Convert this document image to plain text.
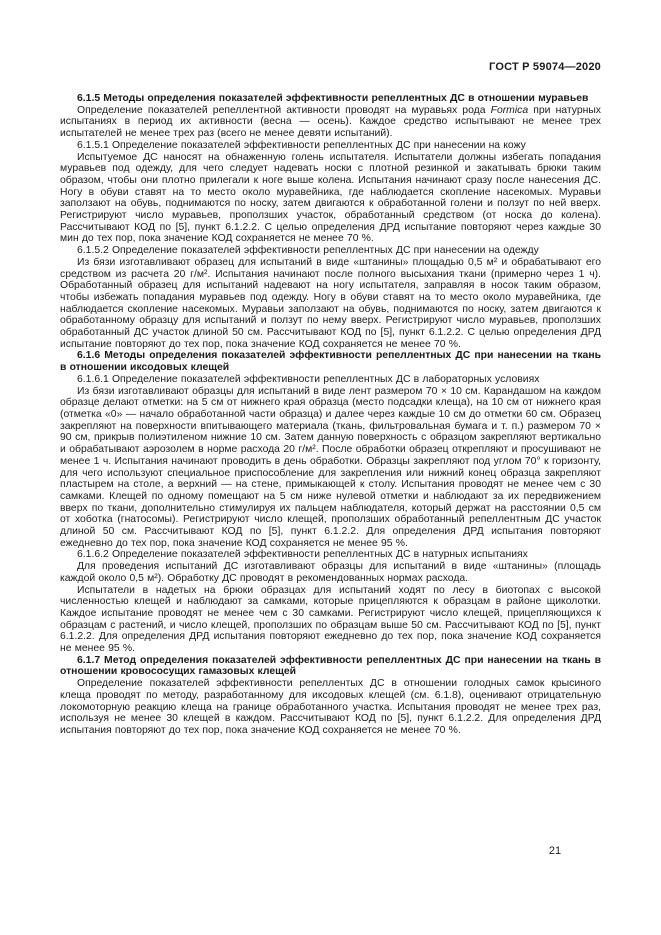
ГОСТ Р 59074—2020

6.1.5 Методы определения показателей эффективности репеллентных ДС в отношении муравьев

Определение показателей репеллентной активности проводят на муравьях рода Formica при натурных испытаниях в период их активности (весна — осень). Каждое средство испытывают не менее трех испытателей не менее трех раз (всего не менее девяти испытаний).

6.1.5.1 Определение показателей эффективности репеллентных ДС при нанесении на кожу

Испытуемое ДС наносят на обнаженную голень испытателя. Испытатели должны избегать попадания муравьев под одежду, для чего следует надевать носки с плотной резинкой и закатывать брюки таким образом, чтобы они плотно прилегали к ноге выше колена. Испытания начинают сразу после нанесения ДС. Ногу в обуви ставят на то место около муравейника, где наблюдается скопление насекомых. Муравьи заползают на обувь, поднимаются по носку, затем двигаются к обработанной голени и ползут по ней вверх. Регистрируют число муравьев, проползших участок, обработанный средством (от носка до колена). Рассчитывают КОД по [5], пункт 6.1.2.2. С целью определения ДРД испытание повторяют через каждые 30 мин до тех пор, пока значение КОД сохраняется не менее 70 %.

6.1.5.2 Определение показателей эффективности репеллентных ДС при нанесении на одежду

Из бязи изготавливают образец для испытаний в виде «штанины» площадью 0,5 м² и обрабатывают его средством из расчета 20 г/м². Испытания начинают после полного высыхания ткани (примерно через 1 ч). Обработанный образец для испытаний надевают на ногу испытателя, заправляя в носок таким образом, чтобы избежать попадания муравьев под одежду. Ногу в обуви ставят на то место около муравейника, где наблюдается скопление насекомых. Муравьи заползают на обувь, поднимаются по носку, затем двигаются к обработанному образцу для испытаний и ползут по нему вверх. Регистрируют число муравьев, проползших обработанный ДС участок длиной 50 см. Рассчитывают КОД по [5], пункт 6.1.2.2. С целью определения ДРД испытание повторяют до тех пор, пока значение КОД сохраняется не менее 70 %.

6.1.6 Методы определения показателей эффективности репеллентных ДС при нанесении на ткань в отношении иксодовых клещей

6.1.6.1 Определение показателей эффективности репеллентных ДС в лабораторных условиях

Из бязи изготавливают образцы для испытаний в виде лент размером 70 × 10 см. Карандашом на каждом образце делают отметки: на 5 см от нижнего края образца (место подсадки клеща), на 10 см от нижнего края (отметка «0» — начало обработанной части образца) и далее через каждые 10 см до отметки 60 см. Образец закрепляют на поверхности впитывающего материала (ткань, фильтровальная бумага и т. п.) размером 70 × 90 см, прикрыв полиэтиленом нижние 10 см. Затем данную поверхность с образцом закрепляют вертикально и обрабатывают аэрозолем в норме расхода 20 г/м². После обработки образец открепляют и просушивают не менее 1 ч. Испытания начинают проводить в день обработки. Образцы закрепляют под углом 70° к горизонту, для чего используют специальное приспособление для закрепления или нижний конец образца закрепляют пластырем на столе, а верхний — на стене, примыкающей к столу. Испытания проводят не менее чем с 30 самками. Клещей по одному помещают на 5 см ниже нулевой отметки и наблюдают за их передвижением вверх по ткани, дополнительно стимулируя их пальцем наблюдателя, который держат на расстоянии 0,5 см от хоботка (гнатосомы). Регистрируют число клещей, проползших обработанный репеллентным ДС участок длиной 50 см. Рассчитывают КОД по [5], пункт 6.1.2.2. Для определения ДРД испытания повторяют ежедневно до тех пор, пока значение КОД сохраняется не менее 95 %.

6.1.6.2 Определение показателей эффективности репеллентных ДС в натурных испытаниях

Для проведения испытаний ДС изготавливают образцы для испытаний в виде «штанины» (площадь каждой около 0,5 м²). Обработку ДС проводят в рекомендованных нормах расхода.

Испытатели в надетых на брюки образцах для испытаний ходят по лесу в биотопах с высокой численностью клещей и наблюдают за самками, которые прицепляются к образцам в районе щиколотки. Каждое испытание проводят не менее чем с 30 самками. Регистрируют число клещей, прицепляющихся к образцам с растений, и число клещей, проползших по образцам выше 50 см. Рассчитывают КОД по [5], пункт 6.1.2.2. Для определения ДРД испытания повторяют ежедневно до тех пор, пока значение КОД сохраняется не менее 95 %.

6.1.7 Метод определения показателей эффективности репеллентных ДС при нанесении на ткань в отношении кровососущих гамазовых клещей

Определение показателей эффективности репеллентых ДС в отношении голодных самок крысиного клеща проводят по методу, разработанному для иксодовых клещей (см. 6.1.8), оценивают отрицательную локомоторную реакцию клеща на границе обработанного участка. Испытания проводят не менее трех раз, используя не менее 30 клещей в каждом. Рассчитывают КОД по [5], пункт 6.1.2.2. Для определения ДРД испытания повторяют до тех пор, пока значение КОД сохраняется не менее 70 %.

21
